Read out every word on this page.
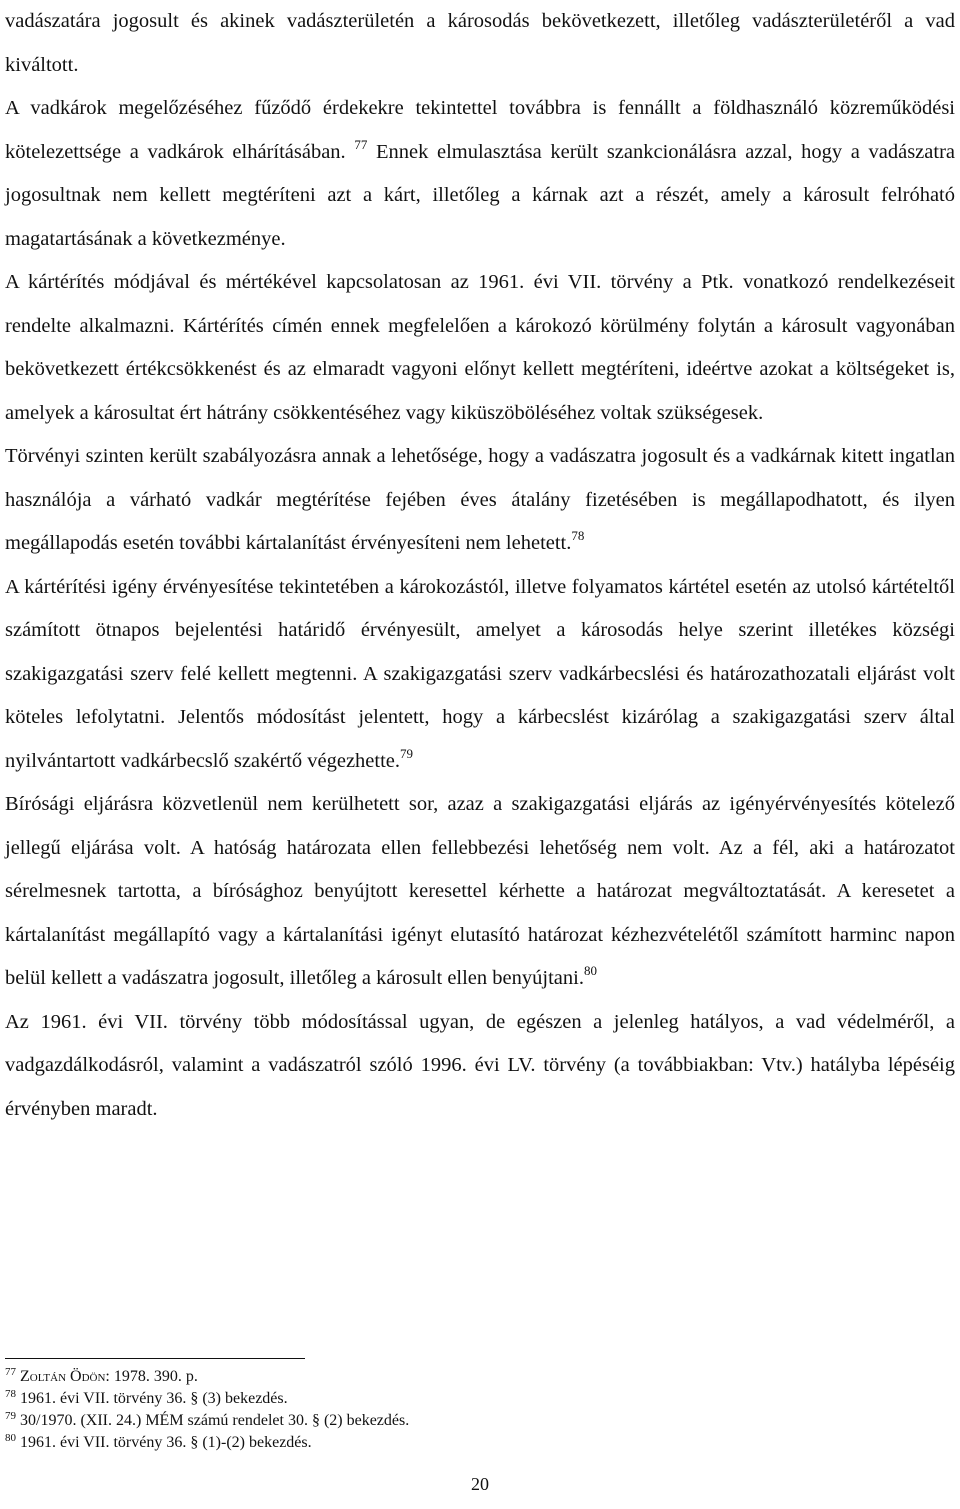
vadászatára jogosult és akinek vadászterületén a károsodás bekövetkezett, illetőleg vadászterületéről a vad kiváltott.

A vadkárok megelőzéséhez fűződő érdekekre tekintettel továbbra is fennállt a földhasználó közreműködési kötelezettsége a vadkárok elhárításában. $^{77}$ Ennek elmulasztása került szankcionálásra azzal, hogy a vadászatra jogosultnak nem kellett megtéríteni azt a kárt, illetőleg a kárnak azt a részét, amely a károsult felróható magatartásának a következménye.

A kártérítés módjával és mértékével kapcsolatosan az 1961. évi VII. törvény a Ptk. vonatkozó rendelkezéseit rendelte alkalmazni. Kártérítés címén ennek megfelelően a károkozó körülmény folytán a károsult vagyonában bekövetkezett értékcsökkenést és az elmaradt vagyoni előnyt kellett megtéríteni, ideértve azokat a költségeket is, amelyek a károsultat ért hátrány csökkentéséhez vagy kiküszöböléséhez voltak szükségesek.

Törvényi szinten került szabályozásra annak a lehetősége, hogy a vadászatra jogosult és a vadkárnak kitett ingatlan használója a várható vadkár megtérítése fejében éves átalány fizetésében is megállapodhatott, és ilyen megállapodás esetén további kártalanítást érvényesíteni nem lehetett.$^{78}$

A kártérítési igény érvényesítése tekintetében a károkozástól, illetve folyamatos kártétel esetén az utolsó kártételtől számított ötnapos bejelentési határidő érvényesült, amelyet a károsodás helye szerint illetékes községi szakigazgatási szerv felé kellett megtenni. A szakigazgatási szerv vadkárbecslési és határozathozatali eljárást volt köteles lefolytatni. Jelentős módosítást jelentett, hogy a kárbecslést kizárólag a szakigazgatási szerv által nyilvántartott vadkárbecslő szakértő végezhette.$^{79}$

Bírósági eljárásra közvetlenül nem kerülhetett sor, azaz a szakigazgatási eljárás az igényérvényesítés kötelező jellegű eljárása volt. A hatóság határozata ellen fellebbezési lehetőség nem volt. Az a fél, aki a határozatot sérelmesnek tartotta, a bírósághoz benyújtott keresettel kérhette a határozat megváltoztatását. A keresetet a kártalanítást megállapító vagy a kártalanítási igényt elutasító határozat kézhezvételétől számított harminc napon belül kellett a vadászatra jogosult, illetőleg a károsult ellen benyújtani.$^{80}$

Az 1961. évi VII. törvény több módosítással ugyan, de egészen a jelenleg hatályos, a vad védelméről, a vadgazdálkodásról, valamint a vadászatról szóló 1996. évi LV. törvény (a továbbiakban: Vtv.) hatályba lépéséig érvényben maradt.

$^{77}$ Zoltán Ödön: 1978. 390. p.
$^{78}$ 1961. évi VII. törvény 36. § (3) bekezdés.
$^{79}$ 30/1970. (XII. 24.) MÉM számú rendelet 30. § (2) bekezdés.
$^{80}$ 1961. évi VII. törvény 36. § (1)-(2) bekezdés.
20
